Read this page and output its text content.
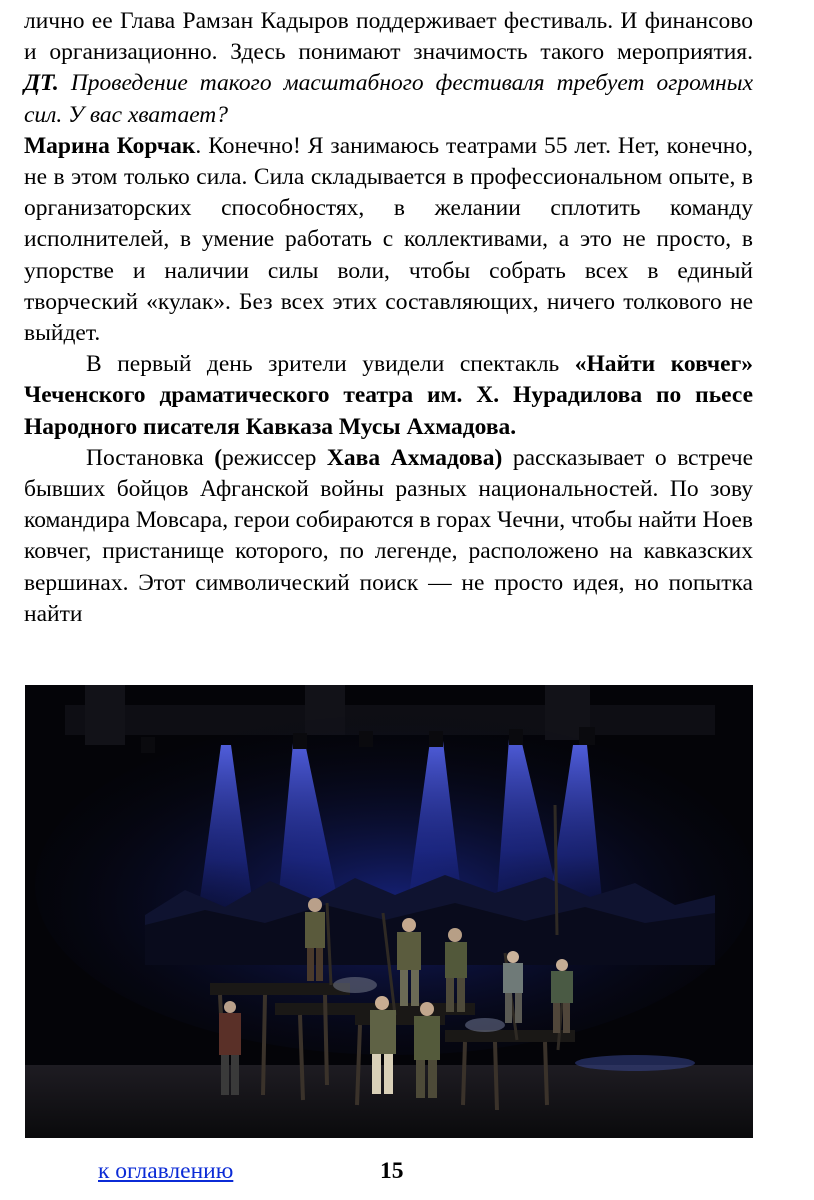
лично ее Глава Рамзан Кадыров поддерживает фестиваль. И финансово и организационно. Здесь понимают значимость такого мероприятия.

ДТ. Проведение такого масштабного фестиваля требует огромных сил. У вас хватает?

Марина Корчак. Конечно! Я занимаюсь театрами 55 лет. Нет, конечно, не в этом только сила. Сила складывается в профессиональном опыте, в организаторских способностях, в желании сплотить команду исполнителей, в умение работать с коллективами, а это не просто, в упорстве и наличии силы воли, чтобы собрать всех в единый творческий «кулак». Без всех этих составляющих, ничего толкового не выйдет.

В первый день зрители увидели спектакль «Найти ковчег» Чеченского драматического театра им. Х. Нурадилова по пьесе Народного писателя Кавказа Мусы Ахмадова.

Постановка (режиссер Хава Ахмадова) рассказывает о встрече бывших бойцов Афганской войны разных национальностей. По зову командира Мовсара, герои собираются в горах Чечни, чтобы найти Ноев ковчег, пристанище которого, по легенде, расположено на кавказских вершинах. Этот символический поиск — не просто идея, но попытка найти

к оглавлению	15
